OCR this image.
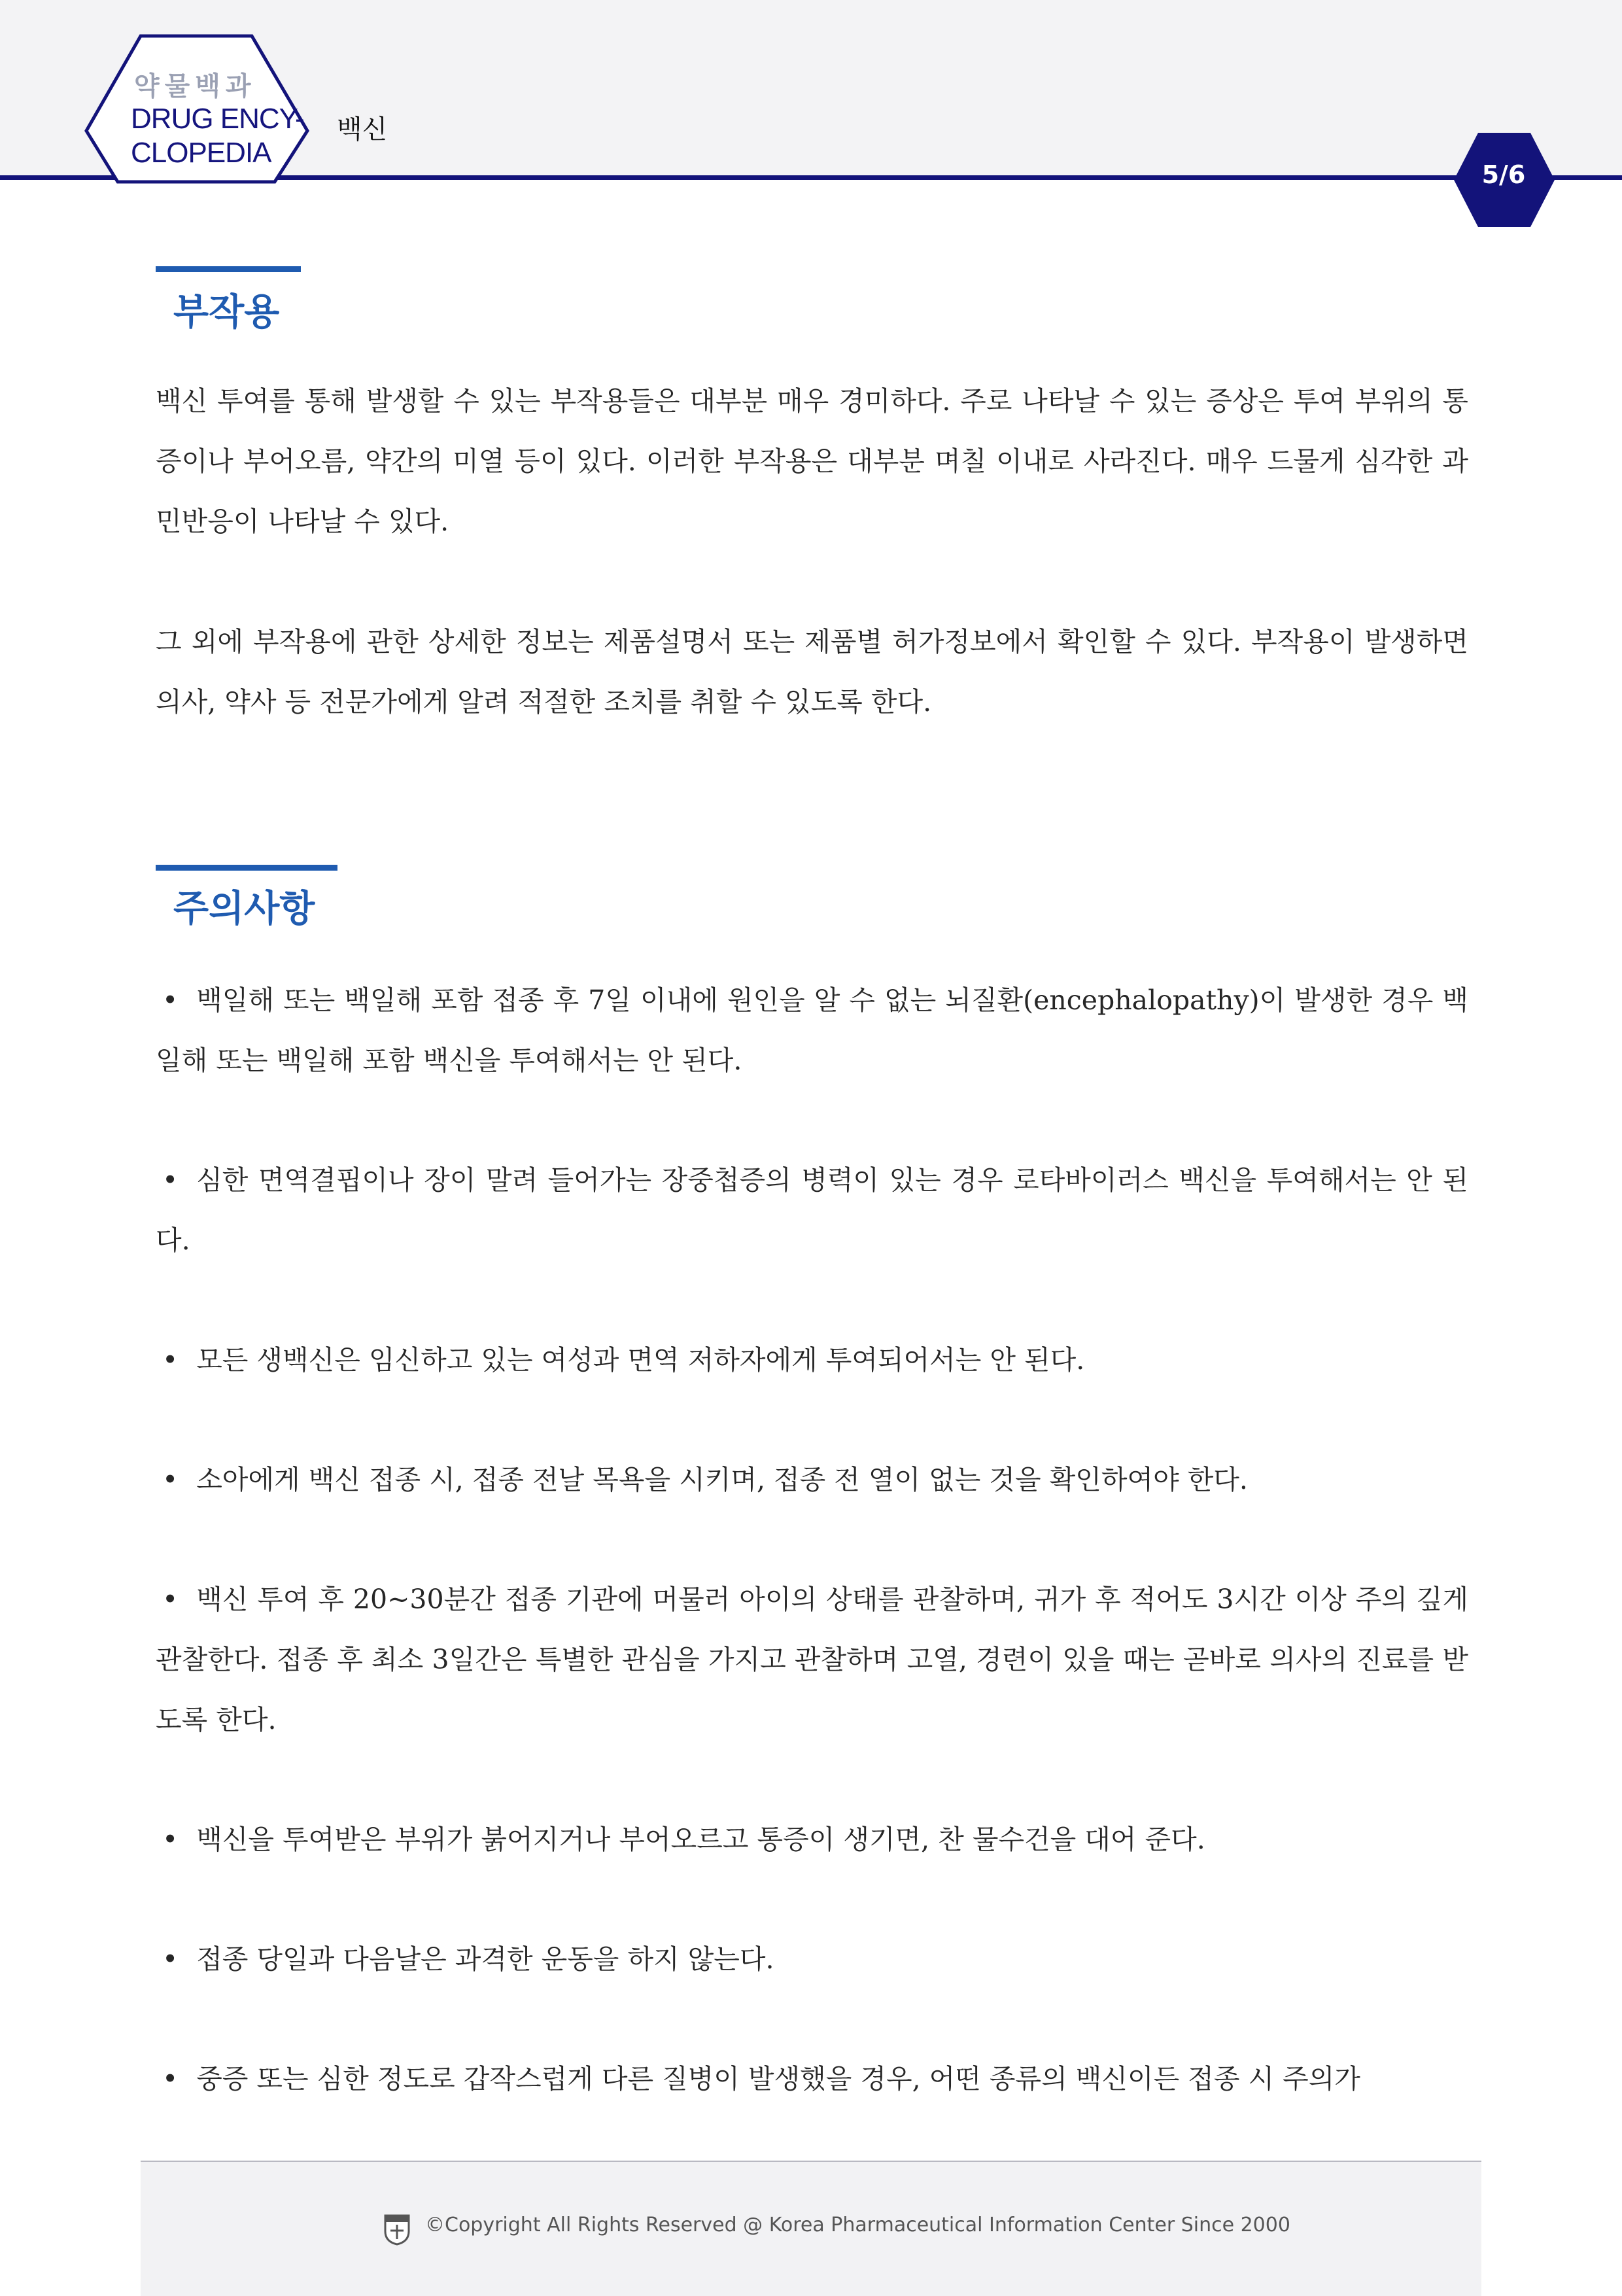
약물백과
DRUG ENCY-
CLOPEDIA
백신
5/6
부작용

백신 투여를 통해 발생할 수 있는 부작용들은 대부분 매우 경미하다. 주로 나타날 수 있는 증상은 투여 부위의 통증이나 부어오름, 약간의 미열 등이 있다. 이러한 부작용은 대부분 며칠 이내로 사라진다. 매우 드물게 심각한 과민반응이 나타날 수 있다.

그 외에 부작용에 관한 상세한 정보는 제품설명서 또는 제품별 허가정보에서 확인할 수 있다. 부작용이 발생하면 의사, 약사 등 전문가에게 알려 적절한 조치를 취할 수 있도록 한다.

주의사항

• 백일해 또는 백일해 포함 접종 후 7일 이내에 원인을 알 수 없는 뇌질환(encephalopathy)이 발생한 경우 백일해 또는 백일해 포함 백신을 투여해서는 안 된다.

• 심한 면역결핍이나 장이 말려 들어가는 장중첩증의 병력이 있는 경우 로타바이러스 백신을 투여해서는 안 된다.

• 모든 생백신은 임신하고 있는 여성과 면역 저하자에게 투여되어서는 안 된다.

• 소아에게 백신 접종 시, 접종 전날 목욕을 시키며, 접종 전 열이 없는 것을 확인하여야 한다.

• 백신 투여 후 20~30분간 접종 기관에 머물러 아이의 상태를 관찰하며, 귀가 후 적어도 3시간 이상 주의 깊게 관찰한다. 접종 후 최소 3일간은 특별한 관심을 가지고 관찰하며 고열, 경련이 있을 때는 곧바로 의사의 진료를 받도록 한다.

• 백신을 투여받은 부위가 붉어지거나 부어오르고 통증이 생기면, 찬 물수건을 대어 준다.

• 접종 당일과 다음날은 과격한 운동을 하지 않는다.

• 중증 또는 심한 정도로 갑작스럽게 다른 질병이 발생했을 경우, 어떤 종류의 백신이든 접종 시 주의가

©Copyright All Rights Reserved @ Korea Pharmaceutical Information Center Since 2000
